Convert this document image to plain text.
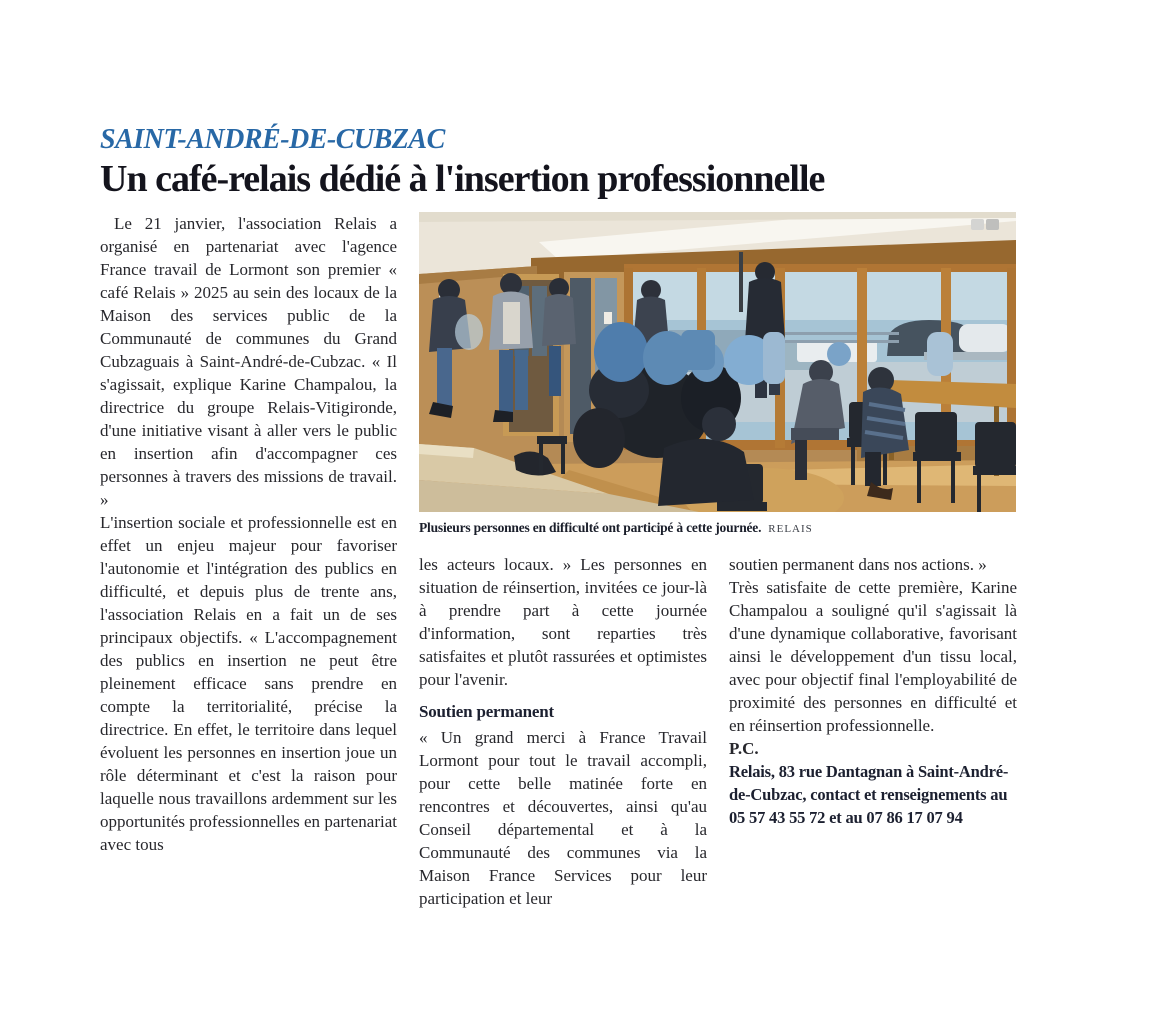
SAINT-ANDRÉ-DE-CUBZAC
Un café-relais dédié à l'insertion professionnelle

Le 21 janvier, l'association Relais a organisé en partenariat avec l'agence France travail de Lormont son premier « café Relais » 2025 au sein des locaux de la Maison des services public de la Communauté de communes du Grand Cubzaguais à Saint-André-de-Cubzac. « Il s'agissait, explique Karine Champalou, la directrice du groupe Relais-Vitigironde, d'une initiative visant à aller vers le public en insertion afin d'accompagner ces personnes à travers des missions de travail. »

L'insertion sociale et professionnelle est en effet un enjeu majeur pour favoriser l'autonomie et l'intégration des publics en difficulté, et depuis plus de trente ans, l'association Relais en a fait un de ses principaux objectifs. « L'accompagnement des publics en insertion ne peut être pleinement efficace sans prendre en compte la territorialité, précise la directrice. En effet, le territoire dans lequel évoluent les personnes en insertion joue un rôle déterminant et c'est la raison pour laquelle nous travaillons ardemment sur les opportunités professionnelles en partenariat avec tous

Plusieurs personnes en difficulté ont participé à cette journée. RELAIS

les acteurs locaux. » Les personnes en situation de réinsertion, invitées ce jour-là à prendre part à cette journée d'information, sont reparties très satisfaites et plutôt rassurées et optimistes pour l'avenir.

Soutien permanent

« Un grand merci à France Travail Lormont pour tout le travail accompli, pour cette belle matinée forte en rencontres et découvertes, ainsi qu'au Conseil départemental et à la Communauté des communes via la Maison France Services pour leur participation et leur

soutien permanent dans nos actions. »

Très satisfaite de cette première, Karine Champalou a souligné qu'il s'agissait là d'une dynamique collaborative, favorisant ainsi le développement d'un tissu local, avec pour objectif final l'employabilité de proximité des personnes en difficulté et en réinsertion professionnelle.

P.C.

Relais, 83 rue Dantagnan à Saint-André-de-Cubzac, contact et renseignements au 05 57 43 55 72 et au 07 86 17 07 94
